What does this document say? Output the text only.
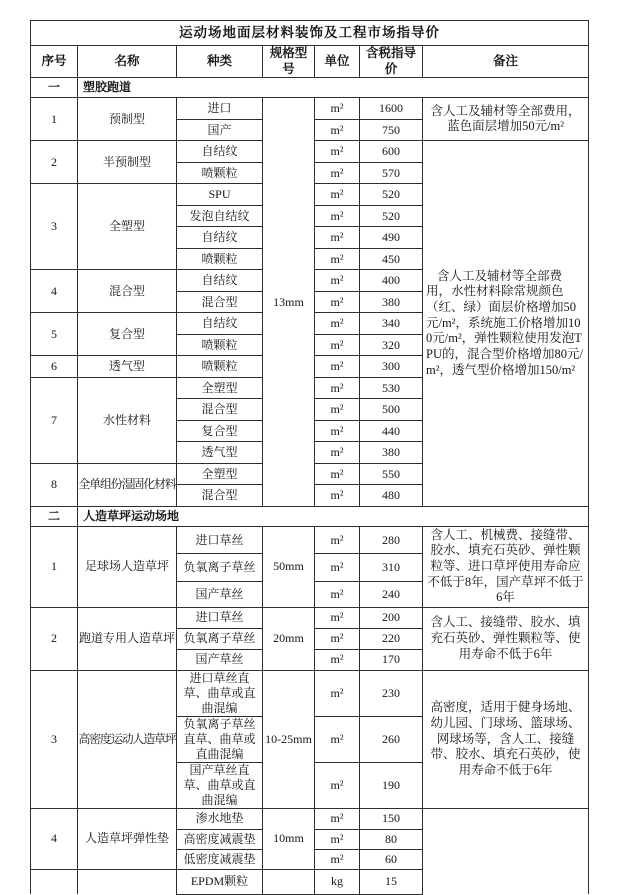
运动场地面层材料装饰及工程市场指导价						
序号	名称	种类	规格型号	单位	含税指导价	备注
一	塑胶跑道					
1	预制型	进口	13mm	m²	1600	含人工及辅材等全部费用，蓝色面层增加50元/m²
		国产		m²	750	
2	半预制型	自结纹		m²	600	含人工及辅材等全部费用，水性材料除常规颜色（红、绿）面层价格增加50元/m²，系统施工价格增加100元/m²，弹性颗粒使用发泡TPU的，混合型价格增加80元/m²，透气型价格增加150/m²
		喷颗粒		m²	570	
3	全塑型	SPU		m²	520	
		发泡自结纹		m²	520	
		自结纹		m²	490	
		喷颗粒		m²	450	
4	混合型	自结纹		m²	400	
		混合型		m²	380	
5	复合型	自结纹		m²	340	
		喷颗粒		m²	320	
6	透气型	喷颗粒		m²	300	
7	水性材料	全塑型		m²	530	
		混合型		m²	500	
		复合型		m²	440	
		透气型		m²	380	
8	全单组份湿固化材料	全塑型		m²	550	
		混合型		m²	480	
二	人造草坪运动场地					
1	足球场人造草坪	进口草丝	50mm	m²	280	含人工、机械费、接缝带、胶水、填充石英砂、弹性颗粒等、进口草坪使用寿命应不低于8年，国产草坪不低于6年
		负氧离子草丝		m²	310	
		国产草丝		m²	240	
2	跑道专用人造草坪	进口草丝	20mm	m²	200	含人工、接缝带、胶水、填充石英砂、弹性颗粒等、使用寿命不低于6年
		负氧离子草丝		m²	220	
		国产草丝		m²	170	
3	高密度运动人造草坪	进口草丝直草、曲草或直曲混编	10-25mm	m²	230	高密度，适用于健身场地、幼儿园、门球场、篮球场、网球场等，含人工、接缝带、胶水、填充石英砂，使用寿命不低于6年
		负氧离子草丝直草、曲草或直曲混编		m²	260	
		国产草丝直草、曲草或直曲混编		m²	190	
4	人造草坪弹性垫	渗水地垫	10mm	m²	150	
		高密度减震垫		m²	80	
		低密度减震垫		m²	60	
		EPDM颗粒		kg	15	
